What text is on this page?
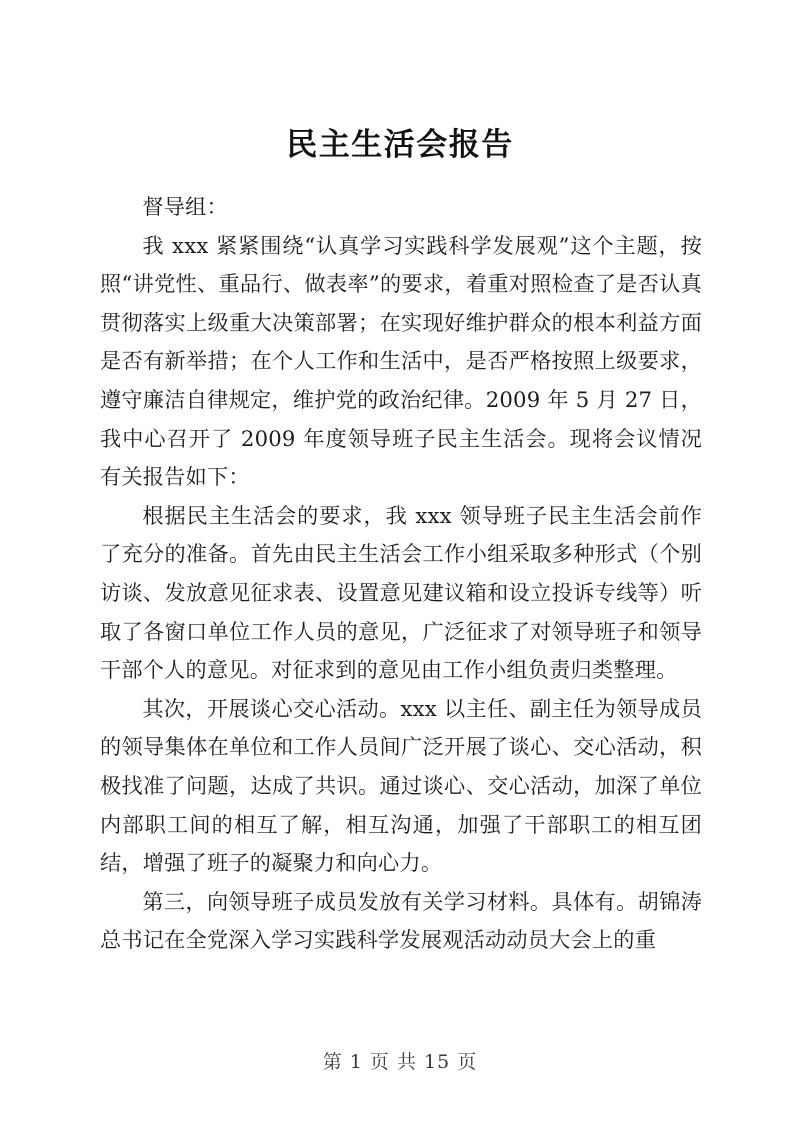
民主生活会报告

督导组：

我 xxx 紧紧围绕“认真学习实践科学发展观”这个主题，按照“讲党性、重品行、做表率”的要求，着重对照检查了是否认真贯彻落实上级重大决策部署；在实现好维护群众的根本利益方面是否有新举措；在个人工作和生活中，是否严格按照上级要求，遵守廉洁自律规定，维护党的政治纪律。2009 年 5 月 27 日，我中心召开了 2009 年度领导班子民主生活会。现将会议情况有关报告如下：

根据民主生活会的要求，我 xxx 领导班子民主生活会前作了充分的准备。首先由民主生活会工作小组采取多种形式（个别访谈、发放意见征求表、设置意见建议箱和设立投诉专线等）听取了各窗口单位工作人员的意见，广泛征求了对领导班子和领导干部个人的意见。对征求到的意见由工作小组负责归类整理。

其次，开展谈心交心活动。xxx 以主任、副主任为领导成员的领导集体在单位和工作人员间广泛开展了谈心、交心活动，积极找准了问题，达成了共识。通过谈心、交心活动，加深了单位内部职工间的相互了解，相互沟通，加强了干部职工的相互团结，增强了班子的凝聚力和向心力。

第三，向领导班子成员发放有关学习材料。具体有。胡锦涛总书记在全党深入学习实践科学发展观活动动员大会上的重

第 1 页 共 15 页
